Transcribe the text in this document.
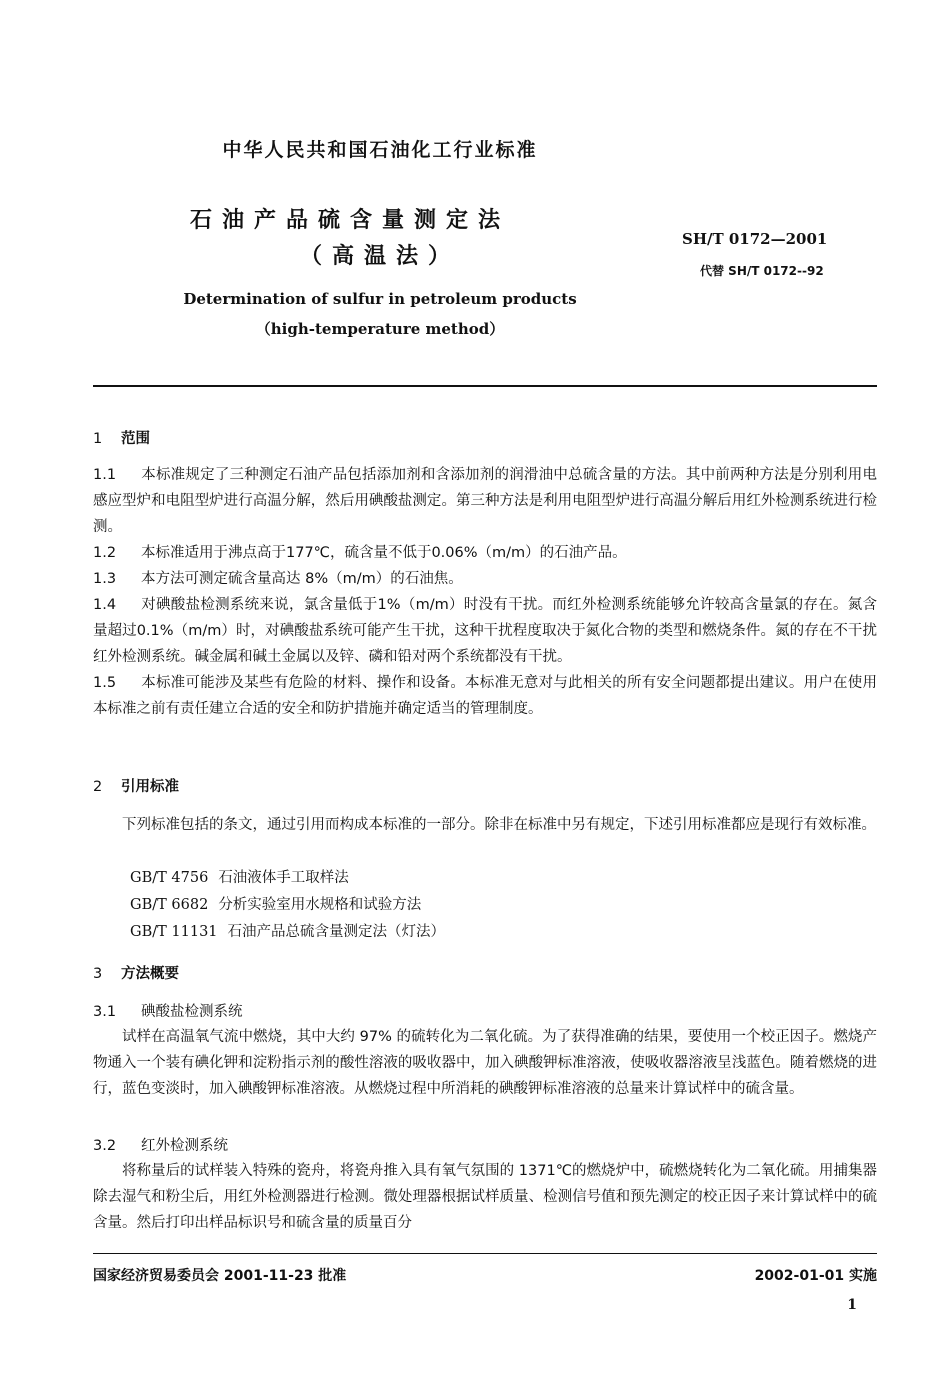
中华人民共和国石油化工行业标准
石油产品硫含量测定法
（高温法）
SH/T 0172—2001
代替 SH/T 0172--92
Determination of sulfur in petroleum products
（high-temperature method）
1 范围
1.1 本标准规定了三种测定石油产品包括添加剂和含添加剂的润滑油中总硫含量的方法。其中前两种方法是分别利用电感应型炉和电阻型炉进行高温分解，然后用碘酸盐测定。第三种方法是利用电阻型炉进行高温分解后用红外检测系统进行检测。
1.2 本标准适用于沸点高于177℃，硫含量不低于0.06%（m/m）的石油产品。
1.3 本方法可测定硫含量高达 8%（m/m）的石油焦。
1.4 对碘酸盐检测系统来说，氯含量低于1%（m/m）时没有干扰。而红外检测系统能够允许较高含量氯的存在。氮含量超过0.1%（m/m）时，对碘酸盐系统可能产生干扰，这种干扰程度取决于氮化合物的类型和燃烧条件。氮的存在不干扰红外检测系统。碱金属和碱土金属以及锌、磷和铅对两个系统都没有干扰。
1.5 本标准可能涉及某些有危险的材料、操作和设备。本标准无意对与此相关的所有安全问题都提出建议。用户在使用本标准之前有责任建立合适的安全和防护措施并确定适当的管理制度。
2 引用标准
下列标准包括的条文，通过引用而构成本标准的一部分。除非在标准中另有规定，下述引用标准都应是现行有效标准。
GB/T 4756 石油液体手工取样法
GB/T 6682 分析实验室用水规格和试验方法
GB/T 11131 石油产品总硫含量测定法（灯法）
3 方法概要
3.1 碘酸盐检测系统
试样在高温氧气流中燃烧，其中大约 97% 的硫转化为二氧化硫。为了获得准确的结果，要使用一个校正因子。燃烧产物通入一个装有碘化钾和淀粉指示剂的酸性溶液的吸收器中，加入碘酸钾标准溶液，使吸收器溶液呈浅蓝色。随着燃烧的进行，蓝色变淡时，加入碘酸钾标准溶液。从燃烧过程中所消耗的碘酸钾标准溶液的总量来计算试样中的硫含量。
3.2 红外检测系统
将称量后的试样装入特殊的瓷舟，将瓷舟推入具有氧气氛围的 1371℃的燃烧炉中，硫燃烧转化为二氧化硫。用捕集器除去湿气和粉尘后，用红外检测器进行检测。微处理器根据试样质量、检测信号值和预先测定的校正因子来计算试样中的硫含量。然后打印出样品标识号和硫含量的质量百分
国家经济贸易委员会 2001-11-23 批准	2002-01-01 实施
1
